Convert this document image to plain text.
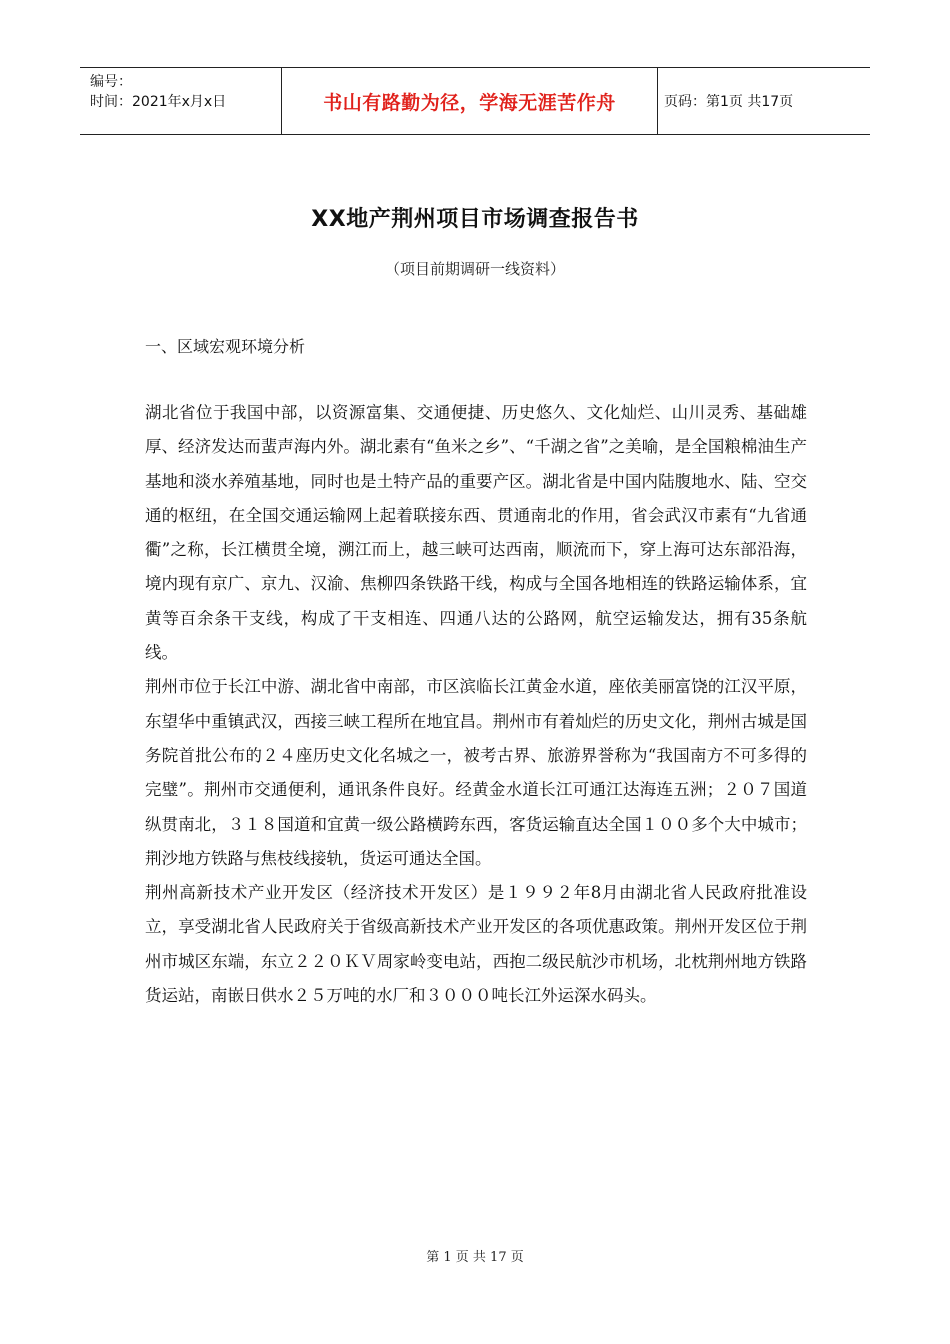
编号：
时间：2021年x月x日	书山有路勤为径，学海无涯苦作舟	页码：第1页 共17页
XX地产荆州项目市场调查报告书
（项目前期调研一线资料）
一、区域宏观环境分析

湖北省位于我国中部，以资源富集、交通便捷、历史悠久、文化灿烂、山川灵秀、基础雄厚、经济发达而蜚声海内外。湖北素有“鱼米之乡”、“千湖之省”之美喻，是全国粮棉油生产基地和淡水养殖基地，同时也是土特产品的重要产区。湖北省是中国内陆腹地水、陆、空交通的枢纽，在全国交通运输网上起着联接东西、贯通南北的作用，省会武汉市素有“九省通衢”之称，长江横贯全境，溯江而上，越三峡可达西南，顺流而下，穿上海可达东部沿海，境内现有京广、京九、汉渝、焦柳四条铁路干线，构成与全国各地相连的铁路运输体系，宜黄等百余条干支线，构成了干支相连、四通八达的公路网，航空运输发达，拥有35条航线。

荆州市位于长江中游、湖北省中南部，市区滨临长江黄金水道，座依美丽富饶的江汉平原，东望华中重镇武汉，西接三峡工程所在地宜昌。荆州市有着灿烂的历史文化，荆州古城是国务院首批公布的２４座历史文化名城之一，被考古界、旅游界誉称为“我国南方不可多得的完璧”。荆州市交通便利，通讯条件良好。经黄金水道长江可通江达海连五洲；２０７国道纵贯南北，３１８国道和宜黄一级公路横跨东西，客货运输直达全国１００多个大中城市；荆沙地方铁路与焦枝线接轨，货运可通达全国。

荆州高新技术产业开发区（经济技术开发区）是１９９２年8月由湖北省人民政府批准设立，享受湖北省人民政府关于省级高新技术产业开发区的各项优惠政策。荆州开发区位于荆州市城区东端，东立２２０ＫＶ周家岭变电站，西抱二级民航沙市机场，北枕荆州地方铁路货运站，南嵌日供水２５万吨的水厂和３０００吨长江外运深水码头。

第 1 页 共 17 页
